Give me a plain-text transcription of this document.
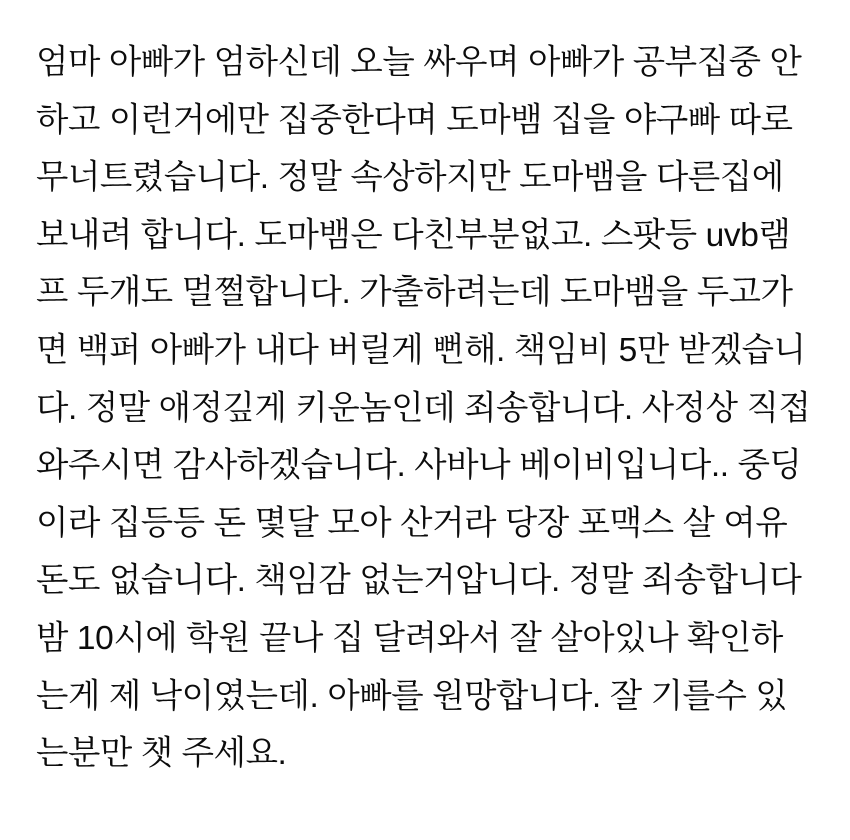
엄마 아빠가 엄하신데 오늘 싸우며 아빠가 공부집중 안하고 이런거에만 집중한다며 도마뱀 집을 야구빠 따로 무너트렸습니다. 정말 속상하지만 도마뱀을 다른집에 보내려 합니다. 도마뱀은 다친부분없고. 스팟등 uvb램프 두개도 멀쩔합니다. 가출하려는데 도마뱀을 두고가면 백퍼 아빠가 내다 버릴게 뻔해. 책임비 5만 받겠습니다. 정말 애정깊게 키운놈인데 죄송합니다. 사정상 직접 와주시면 감사하겠습니다. 사바나 베이비입니다.. 중딩이라 집등등 돈 몇달 모아 산거라 당장 포맥스 살 여유돈도 없습니다. 책임감 없는거압니다. 정말 죄송합니다 밤 10시에 학원 끝나 집 달려와서 잘 살아있나 확인하는게 제 낙이였는데. 아빠를 원망합니다. 잘 기를수 있는분만 챗 주세요.
